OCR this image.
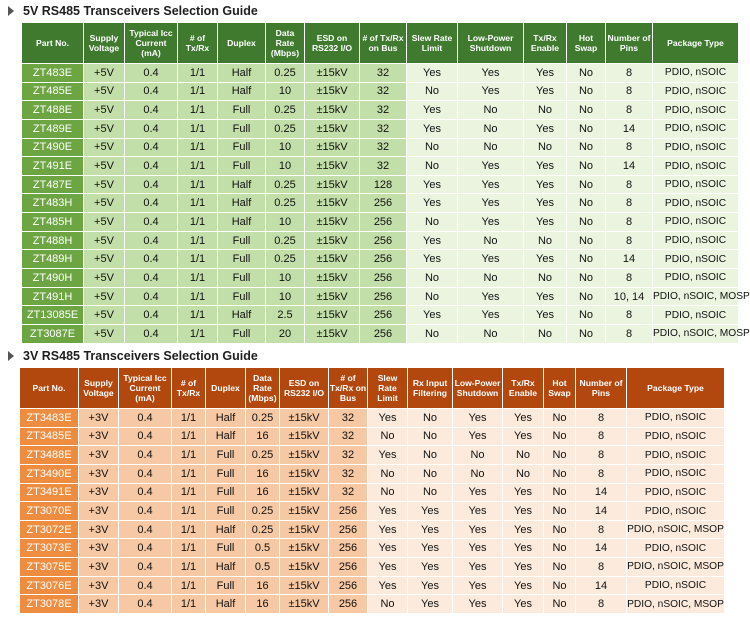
5V RS485 Transceivers Selection Guide
Part No.	Supply Voltage	Typical Icc Current (mA)	# of Tx/Rx	Duplex	Data Rate (Mbps)	ESD on RS232 I/O	# of Tx/Rx on Bus	Slew Rate Limit	Low-Power Shutdown	Tx/Rx Enable	Hot Swap	Number of Pins	Package Type
ZT483E	+5V	0.4	1/1	Half	0.25	±15kV	32	Yes	Yes	Yes	No	8	PDIO, nSOIC
ZT485E	+5V	0.4	1/1	Half	10	±15kV	32	No	Yes	Yes	No	8	PDIO, nSOIC
ZT488E	+5V	0.4	1/1	Full	0.25	±15kV	32	Yes	No	No	No	8	PDIO, nSOIC
ZT489E	+5V	0.4	1/1	Full	0.25	±15kV	32	Yes	No	Yes	No	14	PDIO, nSOIC
ZT490E	+5V	0.4	1/1	Full	10	±15kV	32	No	No	No	No	8	PDIO, nSOIC
ZT491E	+5V	0.4	1/1	Full	10	±15kV	32	No	Yes	Yes	No	14	PDIO, nSOIC
ZT487E	+5V	0.4	1/1	Half	0.25	±15kV	128	Yes	Yes	Yes	No	8	PDIO, nSOIC
ZT483H	+5V	0.4	1/1	Half	0.25	±15kV	256	Yes	Yes	Yes	No	8	PDIO, nSOIC
ZT485H	+5V	0.4	1/1	Half	10	±15kV	256	No	Yes	Yes	No	8	PDIO, nSOIC
ZT488H	+5V	0.4	1/1	Full	0.25	±15kV	256	Yes	No	No	No	8	PDIO, nSOIC
ZT489H	+5V	0.4	1/1	Full	0.25	±15kV	256	Yes	Yes	Yes	No	14	PDIO, nSOIC
ZT490H	+5V	0.4	1/1	Full	10	±15kV	256	No	No	No	No	8	PDIO, nSOIC
ZT491H	+5V	0.4	1/1	Full	10	±15kV	256	No	Yes	Yes	No	10, 14	PDIO, nSOIC, MOSP
ZT13085E	+5V	0.4	1/1	Half	2.5	±15kV	256	Yes	Yes	Yes	No	8	PDIO, nSOIC
ZT3087E	+5V	0.4	1/1	Full	20	±15kV	256	No	No	No	No	8	PDIO, nSOIC, MOSP
3V RS485 Transceivers Selection Guide
Part No.	Supply Voltage	Typical Icc Current (mA)	# of Tx/Rx	Duplex	Data Rate (Mbps)	ESD on RS232 I/O	# of Tx/Rx on Bus	Slew Rate Limit	Rx Input Filtering	Low-Power Shutdown	Tx/Rx Enable	Hot Swap	Number of Pins	Package Type
ZT3483E	+3V	0.4	1/1	Half	0.25	±15kV	32	Yes	No	Yes	Yes	No	8	PDIO, nSOIC
ZT3485E	+3V	0.4	1/1	Half	16	±15kV	32	No	No	Yes	Yes	No	8	PDIO, nSOIC
ZT3488E	+3V	0.4	1/1	Full	0.25	±15kV	32	Yes	No	No	No	No	8	PDIO, nSOIC
ZT3490E	+3V	0.4	1/1	Full	16	±15kV	32	No	No	No	No	No	8	PDIO, nSOIC
ZT3491E	+3V	0.4	1/1	Full	16	±15kV	32	No	No	Yes	Yes	No	14	PDIO, nSOIC
ZT3070E	+3V	0.4	1/1	Full	0.25	±15kV	256	Yes	Yes	Yes	Yes	No	14	PDIO, nSOIC
ZT3072E	+3V	0.4	1/1	Half	0.25	±15kV	256	Yes	Yes	Yes	Yes	No	8	PDIO, nSOIC, MSOP
ZT3073E	+3V	0.4	1/1	Full	0.5	±15kV	256	Yes	Yes	Yes	Yes	No	14	PDIO, nSOIC
ZT3075E	+3V	0.4	1/1	Half	0.5	±15kV	256	Yes	Yes	Yes	Yes	No	8	PDIO, nSOIC, MSOP
ZT3076E	+3V	0.4	1/1	Full	16	±15kV	256	Yes	Yes	Yes	Yes	No	14	PDIO, nSOIC
ZT3078E	+3V	0.4	1/1	Half	16	±15kV	256	No	Yes	Yes	Yes	No	8	PDIO, nSOIC, MSOP
